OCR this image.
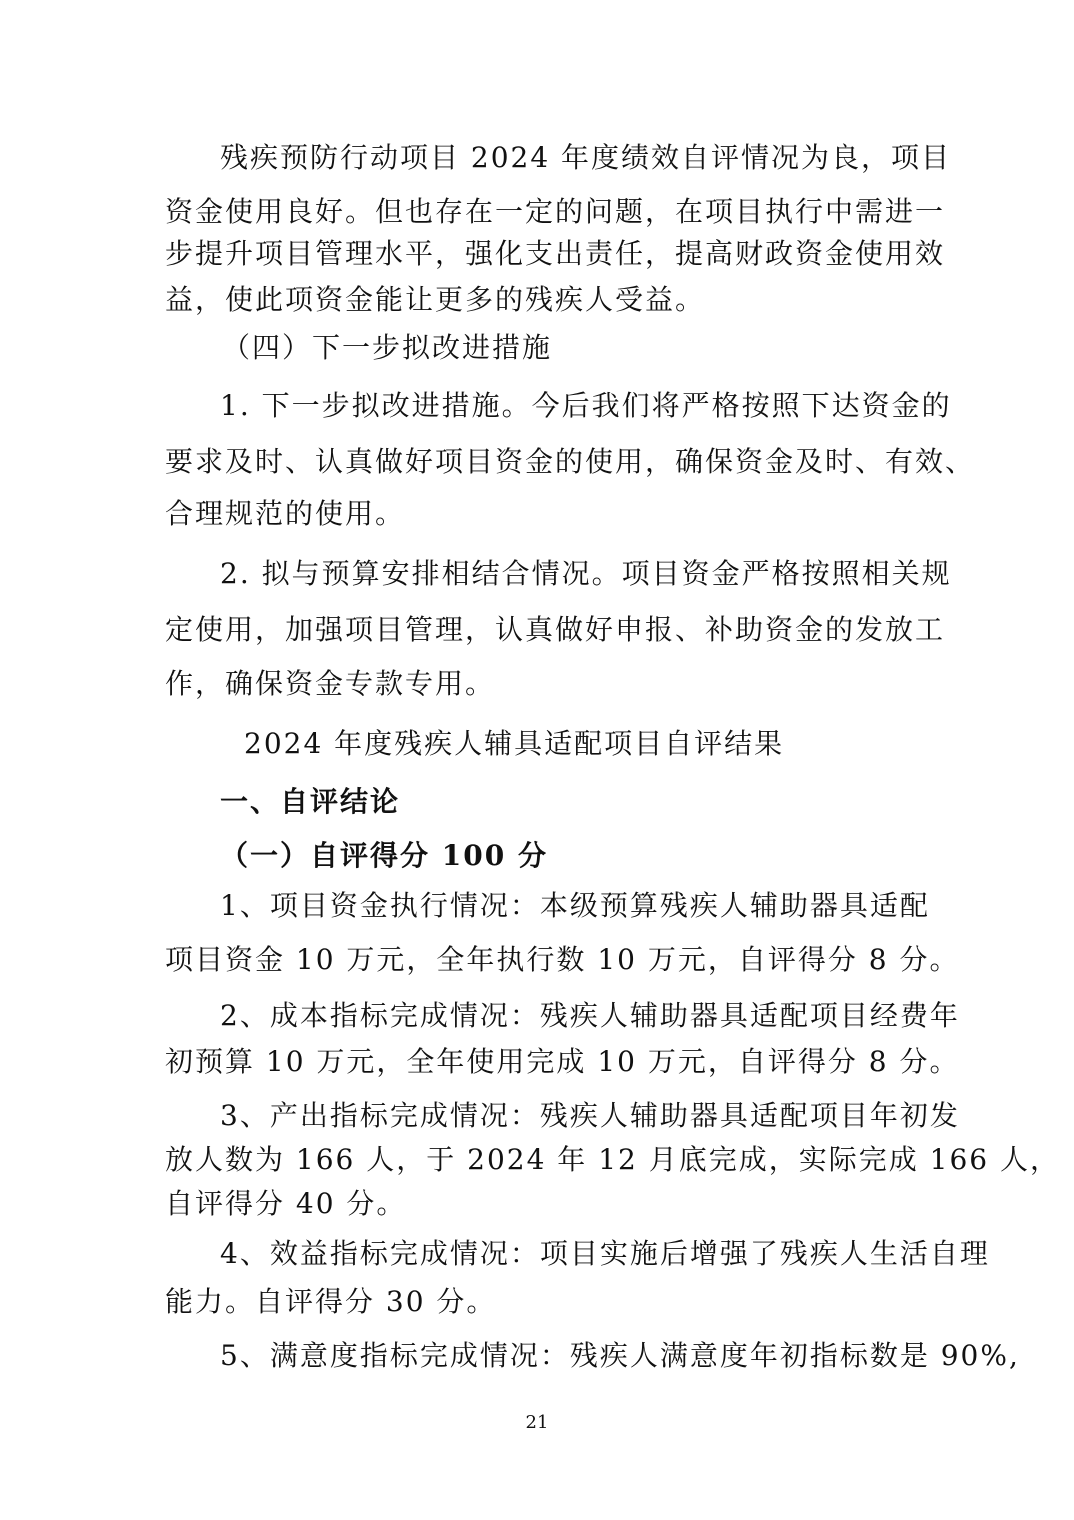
残疾预防行动项目 2024 年度绩效自评情况为良，项目
资金使用良好。但也存在一定的问题，在项目执行中需进一
步提升项目管理水平，强化支出责任，提高财政资金使用效
益，使此项资金能让更多的残疾人受益。
（四）下一步拟改进措施
1. 下一步拟改进措施。今后我们将严格按照下达资金的
要求及时、认真做好项目资金的使用，确保资金及时、有效、
合理规范的使用。
2. 拟与预算安排相结合情况。项目资金严格按照相关规
定使用，加强项目管理，认真做好申报、补助资金的发放工
作，确保资金专款专用。
2024 年度残疾人辅具适配项目自评结果
一、自评结论
（一）自评得分 100 分
1、项目资金执行情况：本级预算残疾人辅助器具适配
项目资金 10 万元，全年执行数 10 万元，自评得分 8 分。
2、成本指标完成情况：残疾人辅助器具适配项目经费年
初预算 10 万元，全年使用完成 10 万元，自评得分 8 分。
3、产出指标完成情况：残疾人辅助器具适配项目年初发
放人数为 166 人，于 2024 年 12 月底完成，实际完成 166 人，
自评得分 40 分。
4、效益指标完成情况：项目实施后增强了残疾人生活自理
能力。自评得分 30 分。
5、满意度指标完成情况：残疾人满意度年初指标数是 90%,
21
